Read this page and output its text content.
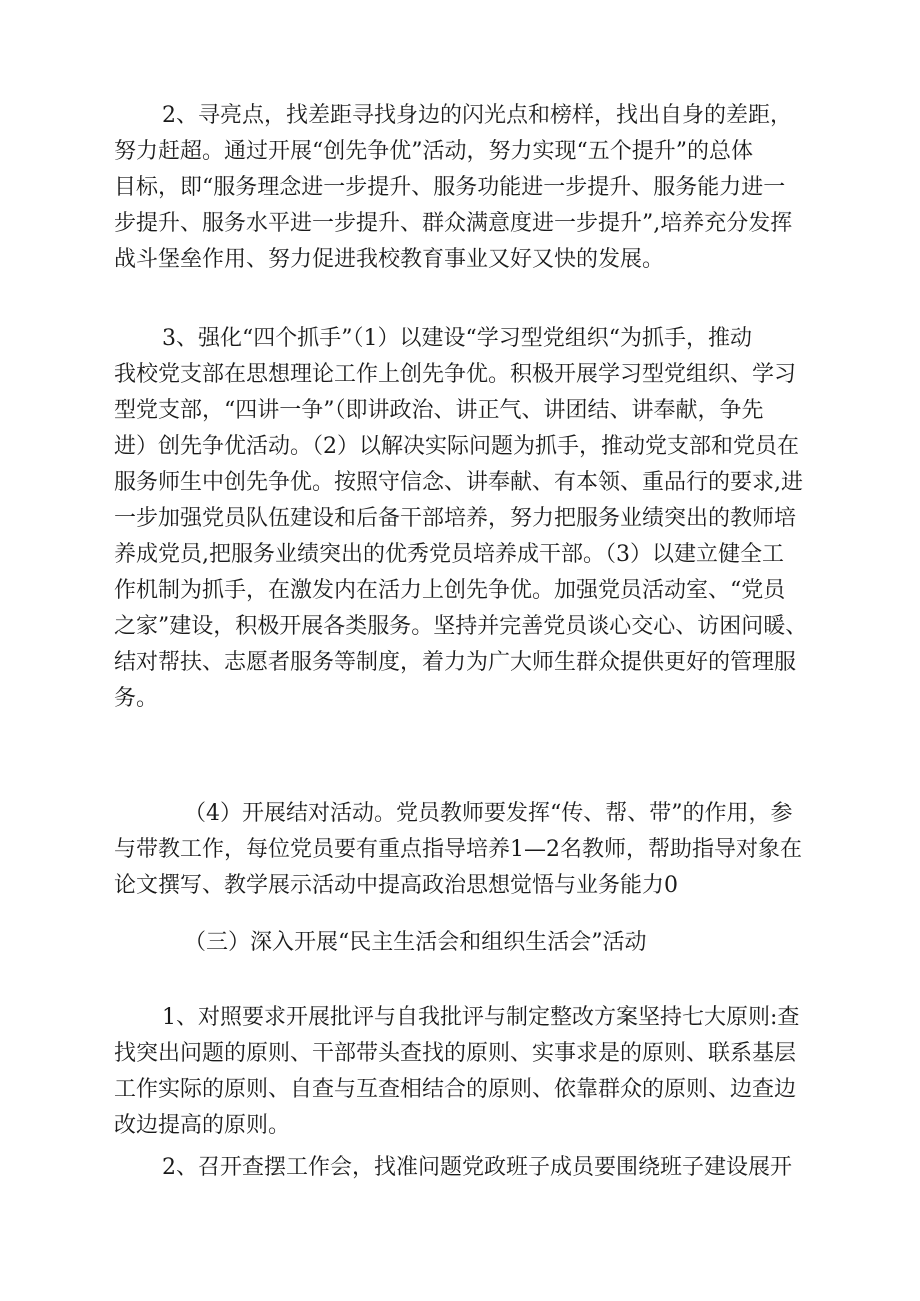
2、寻亮点，找差距寻找身边的闪光点和榜样，找出自身的差距，
努力赶超。通过开展“创先争优”活动，努力实现“五个提升”的总体
目标，即“服务理念进一步提升、服务功能进一步提升、服务能力进一
步提升、服务水平进一步提升、群众满意度进一步提升”,培养充分发挥
战斗堡垒作用、努力促进我校教育事业又好又快的发展。
3、强化“四个抓手”（1）以建设“学习型党组织“为抓手，推动
我校党支部在思想理论工作上创先争优。积极开展学习型党组织、学习
型党支部，“四讲一争”（即讲政治、讲正气、讲团结、讲奉献，争先
进）创先争优活动。（2）以解决实际问题为抓手，推动党支部和党员在
服务师生中创先争优。按照守信念、讲奉献、有本领、重品行的要求,进
一步加强党员队伍建设和后备干部培养，努力把服务业绩突出的教师培
养成党员,把服务业绩突出的优秀党员培养成干部。（3）以建立健全工
作机制为抓手，在激发内在活力上创先争优。加强党员活动室、“党员
之家”建设，积极开展各类服务。坚持并完善党员谈心交心、访困问暖、
结对帮扶、志愿者服务等制度，着力为广大师生群众提供更好的管理服
务。
（4）开展结对活动。党员教师要发挥“传、帮、带”的作用，参
与带教工作，每位党员要有重点指导培养1—2名教师，帮助指导对象在
论文撰写、教学展示活动中提高政治思想觉悟与业务能力0
（三）深入开展“民主生活会和组织生活会”活动
1、对照要求开展批评与自我批评与制定整改方案坚持七大原则:查
找突出问题的原则、干部带头查找的原则、实事求是的原则、联系基层
工作实际的原则、自查与互查相结合的原则、依靠群众的原则、边查边
改边提高的原则。
2、召开查摆工作会，找准问题党政班子成员要围绕班子建设展开
